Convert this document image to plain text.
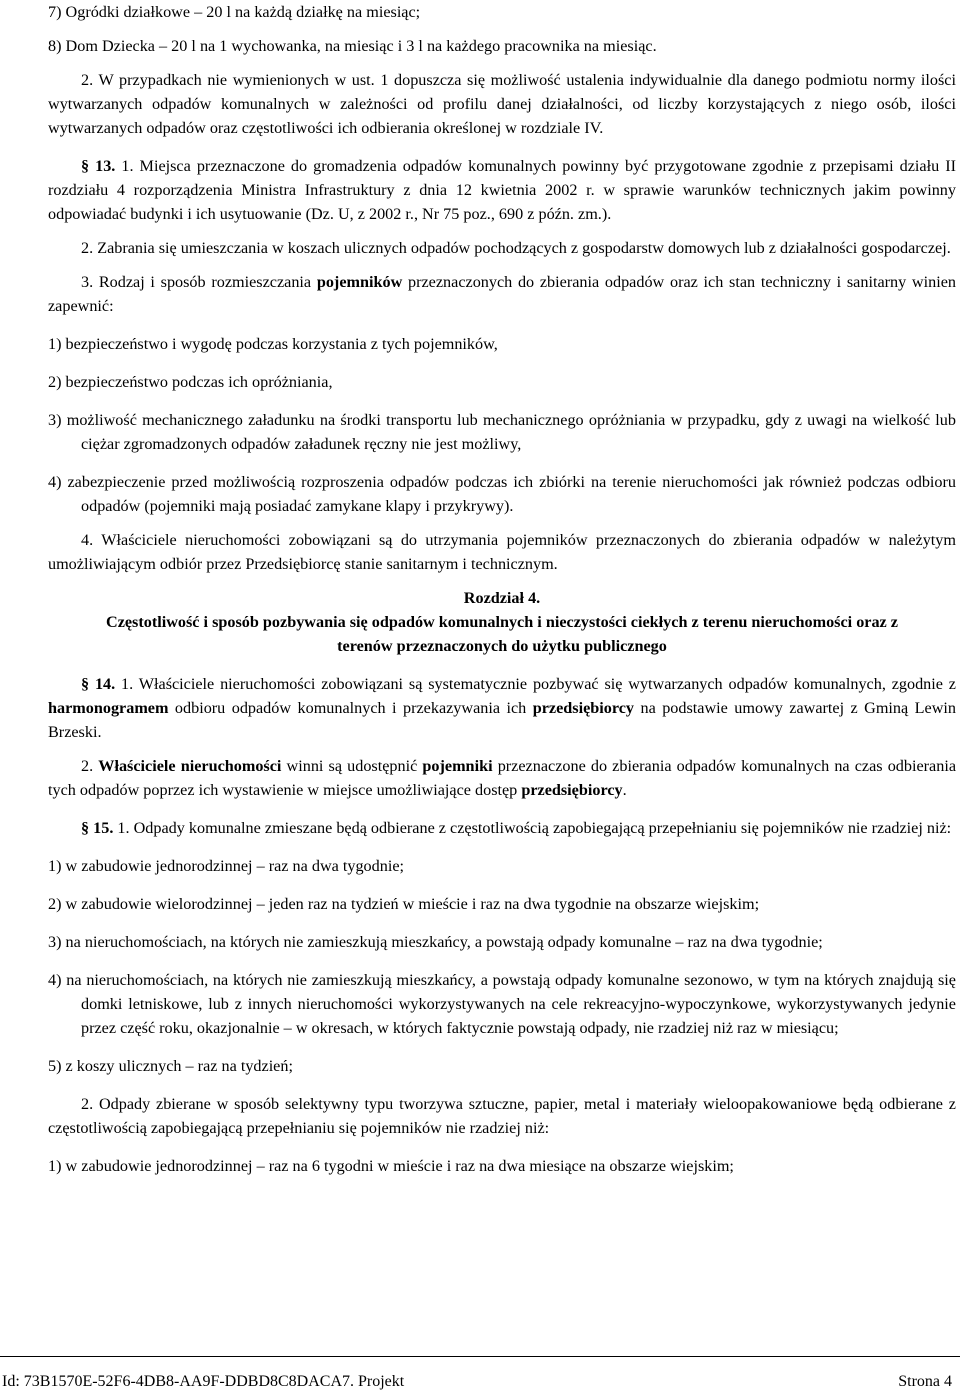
7) Ogródki działkowe – 20 l na każdą działkę na miesiąc;

8) Dom Dziecka – 20 l na 1 wychowanka, na miesiąc i 3 l na każdego pracownika na miesiąc.

2. W przypadkach nie wymienionych w ust. 1 dopuszcza się możliwość ustalenia indywidualnie dla danego podmiotu normy ilości wytwarzanych odpadów komunalnych w zależności od profilu danej działalności, od liczby korzystających z niego osób, ilości wytwarzanych odpadów oraz częstotliwości ich odbierania określonej w rozdziale IV.

§ 13. 1. Miejsca przeznaczone do gromadzenia odpadów komunalnych powinny być przygotowane zgodnie z przepisami działu II rozdziału 4 rozporządzenia Ministra Infrastruktury z dnia 12 kwietnia 2002 r. w sprawie warunków technicznych jakim powinny odpowiadać budynki i ich usytuowanie (Dz. U, z 2002 r., Nr 75 poz., 690 z późn. zm.).

2. Zabrania się umieszczania w koszach ulicznych odpadów pochodzących z gospodarstw domowych lub z działalności gospodarczej.

3. Rodzaj i sposób rozmieszczania pojemników przeznaczonych do zbierania odpadów oraz ich stan techniczny i sanitarny winien zapewnić:

1) bezpieczeństwo i wygodę podczas korzystania z tych pojemników,

2) bezpieczeństwo podczas ich opróżniania,

3) możliwość mechanicznego załadunku na środki transportu lub mechanicznego opróżniania w przypadku, gdy z uwagi na wielkość lub ciężar zgromadzonych odpadów załadunek ręczny nie jest możliwy,

4) zabezpieczenie przed możliwością rozproszenia odpadów podczas ich zbiórki na terenie nieruchomości jak również podczas odbioru odpadów (pojemniki mają posiadać zamykane klapy i przykrywy).

4. Właściciele nieruchomości zobowiązani są do utrzymania pojemników przeznaczonych do zbierania odpadów w należytym umożliwiającym odbiór przez Przedsiębiorcę stanie sanitarnym i technicznym.

Rozdział 4.

Częstotliwość i sposób pozbywania się odpadów komunalnych i nieczystości ciekłych z terenu nieruchomości oraz z terenów przeznaczonych do użytku publicznego

§ 14. 1. Właściciele nieruchomości zobowiązani są systematycznie pozbywać się wytwarzanych odpadów komunalnych, zgodnie z harmonogramem odbioru odpadów komunalnych i przekazywania ich przedsiębiorcy na podstawie umowy zawartej z Gminą Lewin Brzeski.

2. Właściciele nieruchomości winni są udostępnić pojemniki przeznaczone do zbierania odpadów komunalnych na czas odbierania tych odpadów poprzez ich wystawienie w miejsce umożliwiające dostęp przedsiębiorcy.

§ 15. 1. Odpady komunalne zmieszane będą odbierane z częstotliwością zapobiegającą przepełnianiu się pojemników nie rzadziej niż:

1) w zabudowie jednorodzinnej – raz na dwa tygodnie;

2) w zabudowie wielorodzinnej – jeden raz na tydzień w mieście i raz na dwa tygodnie na obszarze wiejskim;

3) na nieruchomościach, na których nie zamieszkują mieszkańcy, a powstają odpady komunalne – raz na dwa tygodnie;

4) na nieruchomościach, na których nie zamieszkują mieszkańcy, a powstają odpady komunalne sezonowo, w tym na których znajdują się domki letniskowe, lub z innych nieruchomości wykorzystywanych na cele rekreacyjno-wypoczynkowe, wykorzystywanych jedynie przez część roku, okazjonalnie – w okresach, w których faktycznie powstają odpady, nie rzadziej niż raz w miesiącu;

5) z koszy ulicznych – raz na tydzień;

2. Odpady zbierane w sposób selektywny typu tworzywa sztuczne, papier, metal i materiały wieloopakowaniowe będą odbierane z częstotliwością zapobiegającą przepełnianiu się pojemników nie rzadziej niż:

1) w zabudowie jednorodzinnej – raz na 6 tygodni w mieście i raz na dwa miesiące na obszarze wiejskim;

Id: 73B1570E-52F6-4DB8-AA9F-DDBD8C8DACA7. Projekt	Strona 4
